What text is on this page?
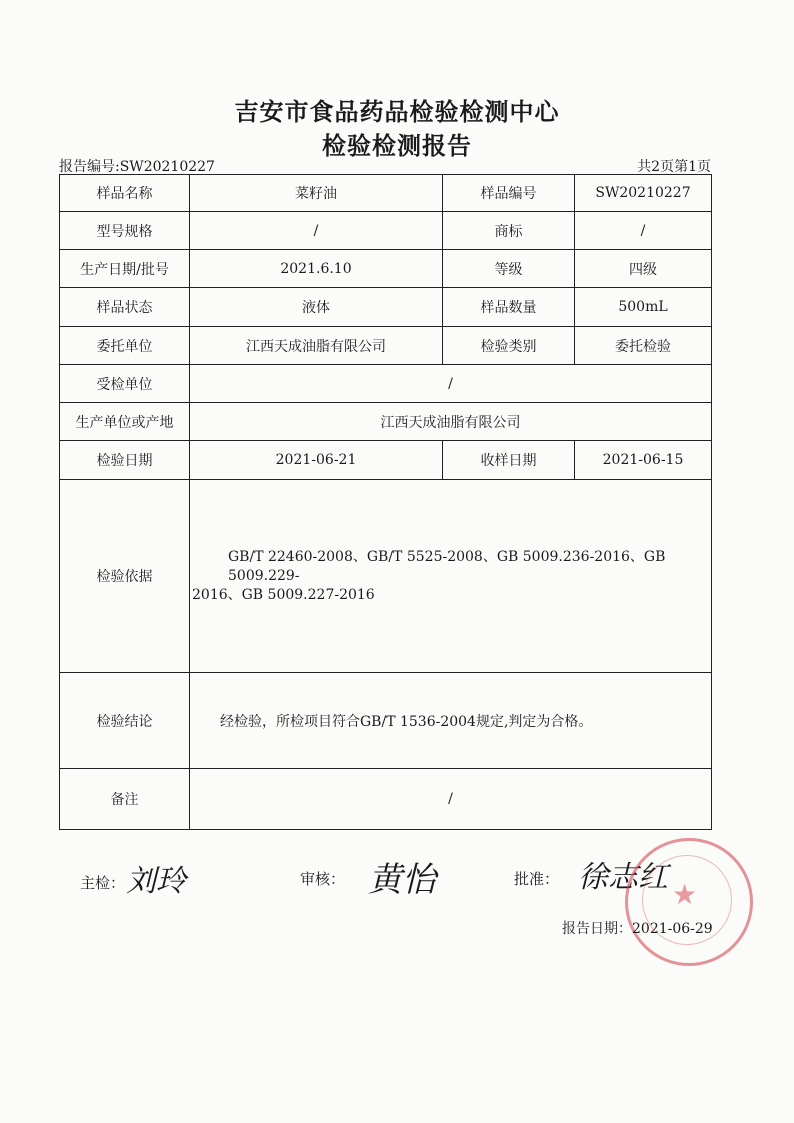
吉安市食品药品检验检测中心
检验检测报告
报告编号:SW20210227	共2页第1页
样品名称	菜籽油	样品编号	SW20210227
型号规格	/	商标	/
生产日期/批号	2021.6.10	等级	四级
样品状态	液体	样品数量	500mL
委托单位	江西天成油脂有限公司	检验类别	委托检验
受检单位	/		
生产单位或产地	江西天成油脂有限公司		
检验日期	2021-06-21	收样日期	2021-06-15
检验依据	GB/T 22460-2008、GB/T 5525-2008、GB 5009.236-2016、GB 5009.229-
2016、GB 5009.227-2016		

检验结论	经检验，所检项目符合GB/T 1536-2004规定,判定为合格。		
备注	/		
主检： 刘玲	审核： 黄怡	批准： 徐志红 ★
报告日期：2021-06-29
